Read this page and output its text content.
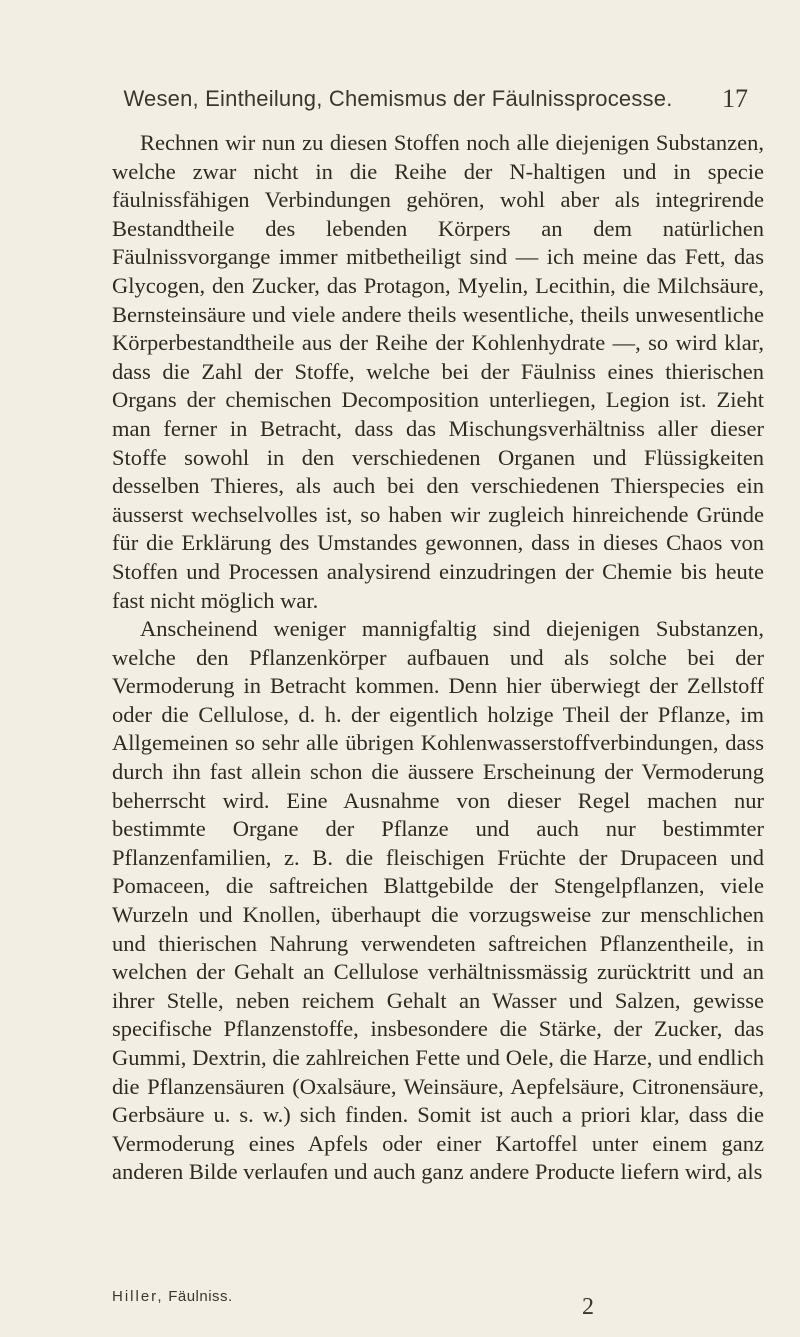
Wesen, Eintheilung, Chemismus der Fäulnissprocesse. 17

Rechnen wir nun zu diesen Stoffen noch alle diejenigen Substanzen, welche zwar nicht in die Reihe der N-haltigen und in specie fäulnissfähigen Verbindungen gehören, wohl aber als integrirende Bestandtheile des lebenden Körpers an dem natürlichen Fäulnissvorgange immer mitbetheiligt sind — ich meine das Fett, das Glycogen, den Zucker, das Protagon, Myelin, Lecithin, die Milchsäure, Bernsteinsäure und viele andere theils wesentliche, theils unwesentliche Körperbestandtheile aus der Reihe der Kohlenhydrate —, so wird klar, dass die Zahl der Stoffe, welche bei der Fäulniss eines thierischen Organs der chemischen Decomposition unterliegen, Legion ist. Zieht man ferner in Betracht, dass das Mischungsverhältniss aller dieser Stoffe sowohl in den verschiedenen Organen und Flüssigkeiten desselben Thieres, als auch bei den verschiedenen Thierspecies ein äusserst wechselvolles ist, so haben wir zugleich hinreichende Gründe für die Erklärung des Umstandes gewonnen, dass in dieses Chaos von Stoffen und Processen analysirend einzudringen der Chemie bis heute fast nicht möglich war.

Anscheinend weniger mannigfaltig sind diejenigen Substanzen, welche den Pflanzenkörper aufbauen und als solche bei der Vermoderung in Betracht kommen. Denn hier überwiegt der Zellstoff oder die Cellulose, d. h. der eigentlich holzige Theil der Pflanze, im Allgemeinen so sehr alle übrigen Kohlenwasserstoffverbindungen, dass durch ihn fast allein schon die äussere Erscheinung der Vermoderung beherrscht wird. Eine Ausnahme von dieser Regel machen nur bestimmte Organe der Pflanze und auch nur bestimmter Pflanzenfamilien, z. B. die fleischigen Früchte der Drupaceen und Pomaceen, die saftreichen Blattgebilde der Stengelpflanzen, viele Wurzeln und Knollen, überhaupt die vorzugsweise zur menschlichen und thierischen Nahrung verwendeten saftreichen Pflanzentheile, in welchen der Gehalt an Cellulose verhältnissmässig zurücktritt und an ihrer Stelle, neben reichem Gehalt an Wasser und Salzen, gewisse specifische Pflanzenstoffe, insbesondere die Stärke, der Zucker, das Gummi, Dextrin, die zahlreichen Fette und Oele, die Harze, und endlich die Pflanzensäuren (Oxalsäure, Weinsäure, Aepfelsäure, Citronensäure, Gerbsäure u. s. w.) sich finden. Somit ist auch a priori klar, dass die Vermoderung eines Apfels oder einer Kartoffel unter einem ganz anderen Bilde verlaufen und auch ganz andere Producte liefern wird, als

Hiller, Fäulniss.	2
